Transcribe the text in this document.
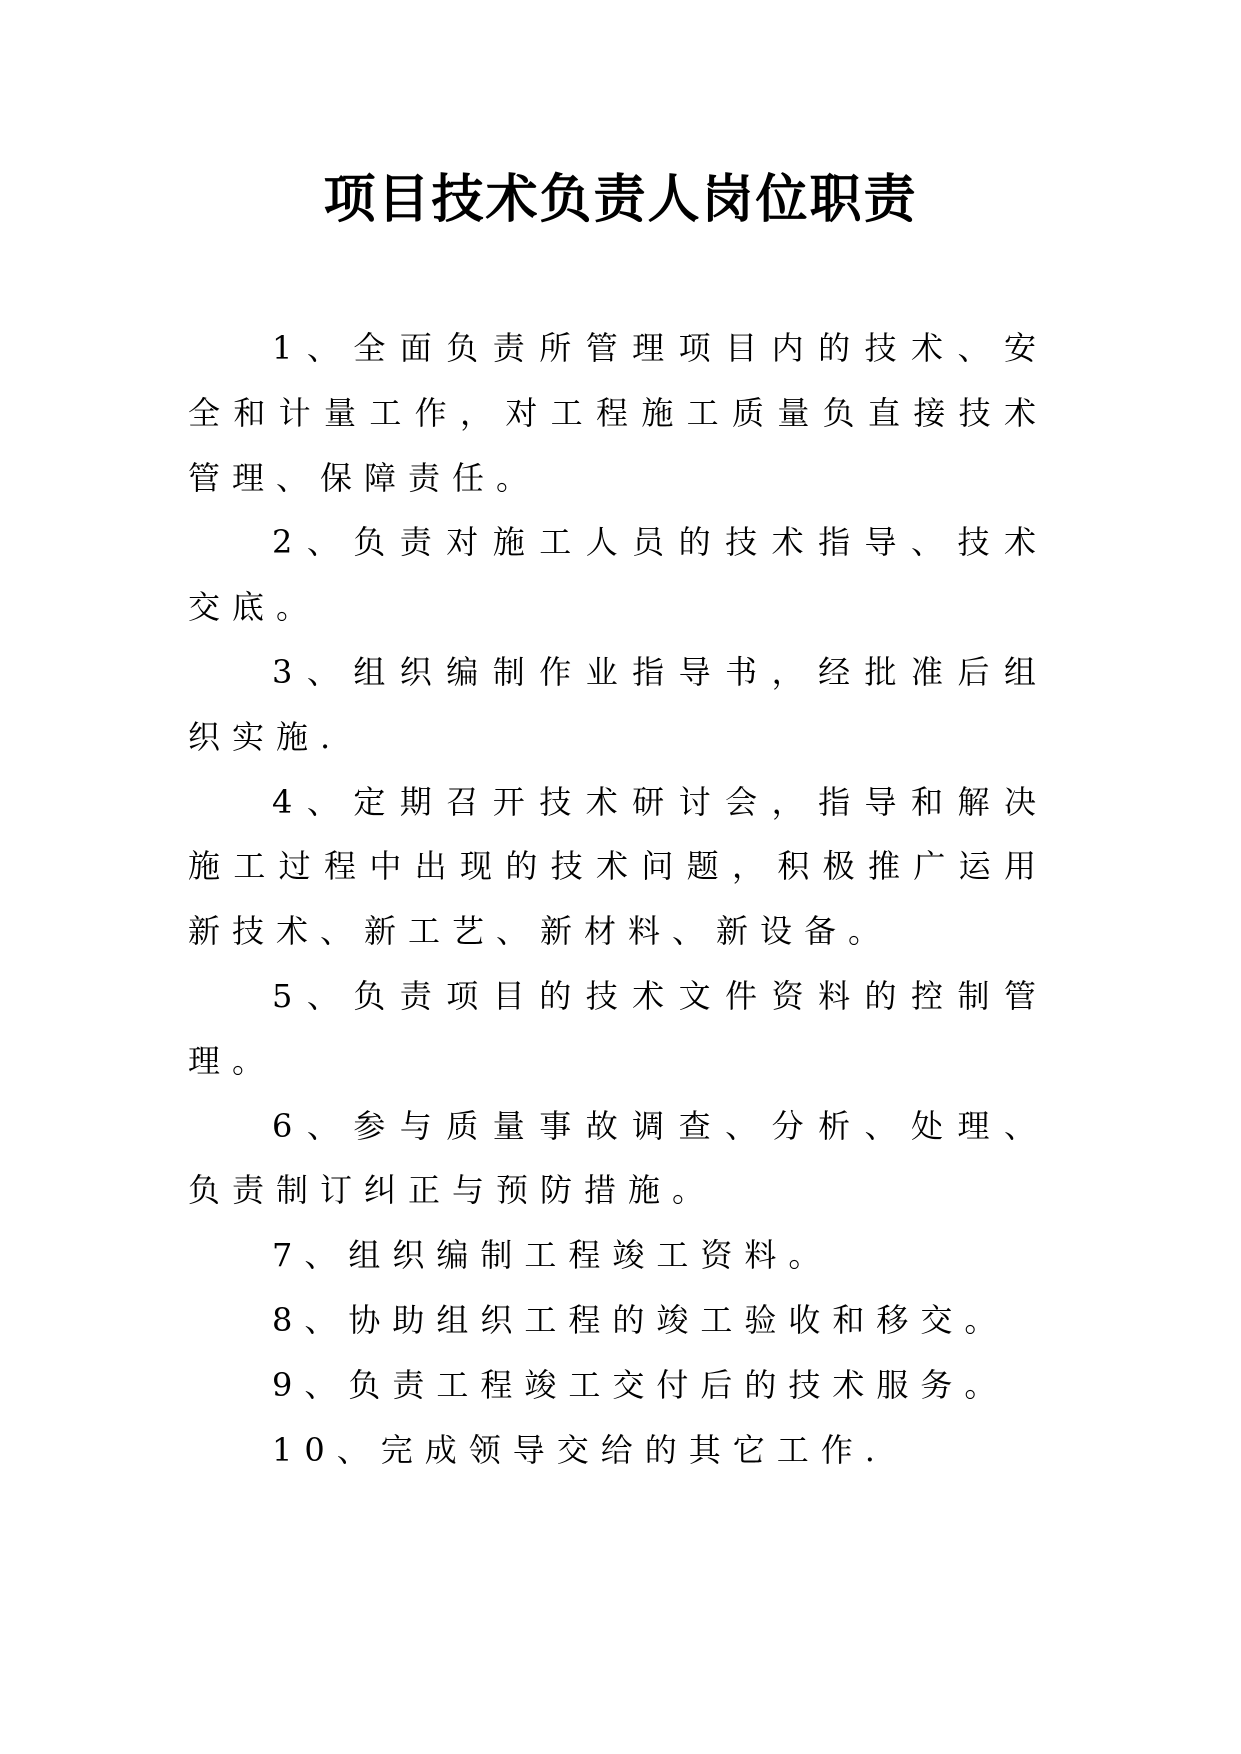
项目技术负责人岗位职责

1、全面负责所管理项目内的技术、安全和计量工作，对工程施工质量负直接技术管理、保障责任。

2、负责对施工人员的技术指导、技术交底。

3、组织编制作业指导书，经批准后组织实施.

4、定期召开技术研讨会，指导和解决施工过程中出现的技术问题，积极推广运用新技术、新工艺、新材料、新设备。

5、负责项目的技术文件资料的控制管理。

6、参与质量事故调查、分析、处理、负责制订纠正与预防措施。

7、组织编制工程竣工资料。

8、协助组织工程的竣工验收和移交。

9、负责工程竣工交付后的技术服务。

10、完成领导交给的其它工作.
